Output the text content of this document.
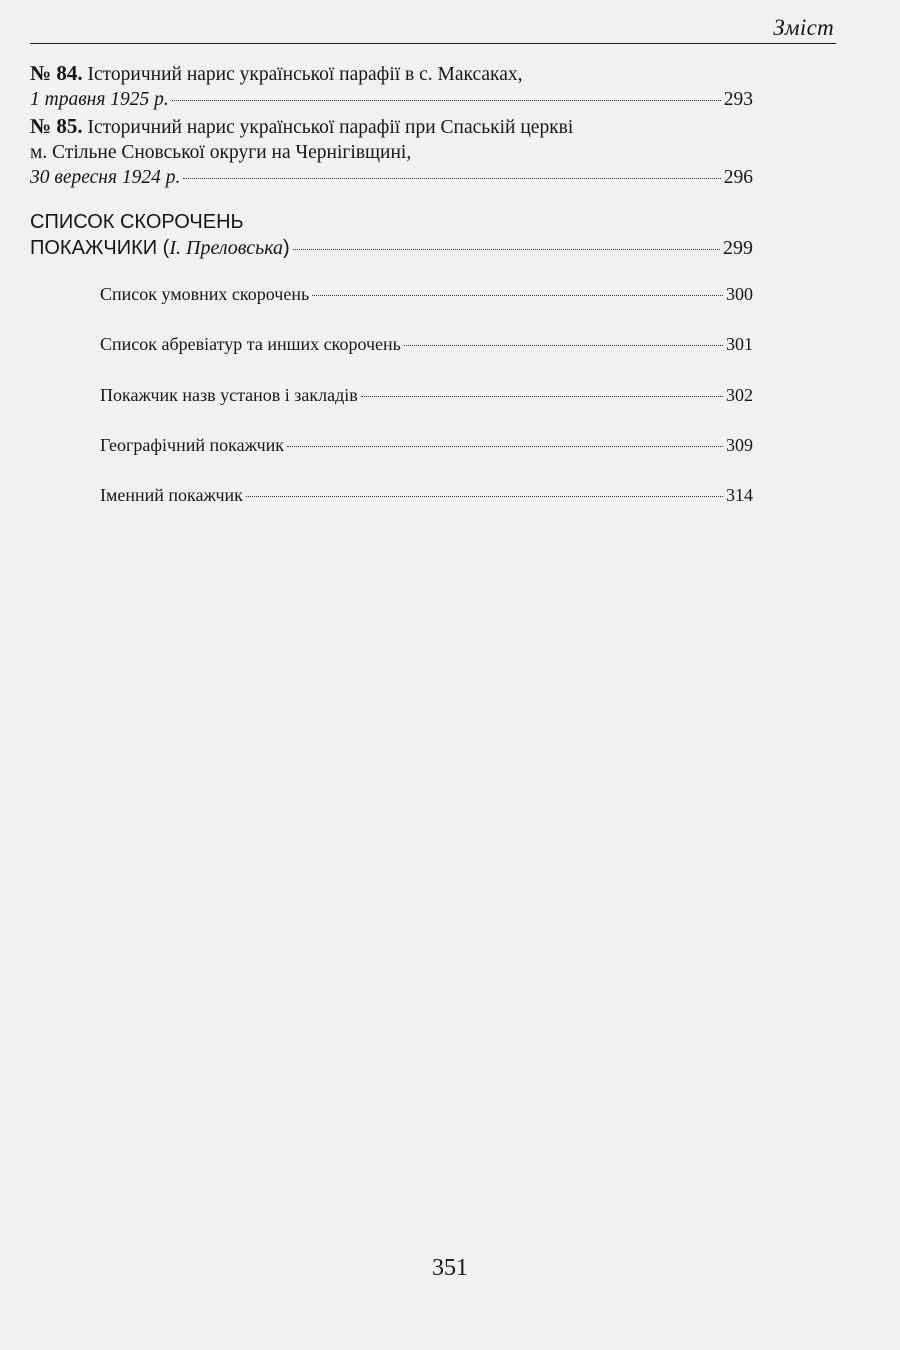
Зміст
№ 84. Історичний нарис української парафії в с. Максаках,
1 травня 1925 р.	293
№ 85. Історичний нарис української парафії при Спаській церкві
м. Стільне Сновської округи на Чернігівщині,
30 вересня 1924 р.	296
СПИСОК СКОРОЧЕНЬ
ПОКАЖЧИКИ ( І. Преловська )	299
Список умовних скорочень	300
Список абревіатур та инших скорочень	301
Покажчик назв установ і закладів	302
Географічний покажчик	309
Іменний покажчик	314
351
